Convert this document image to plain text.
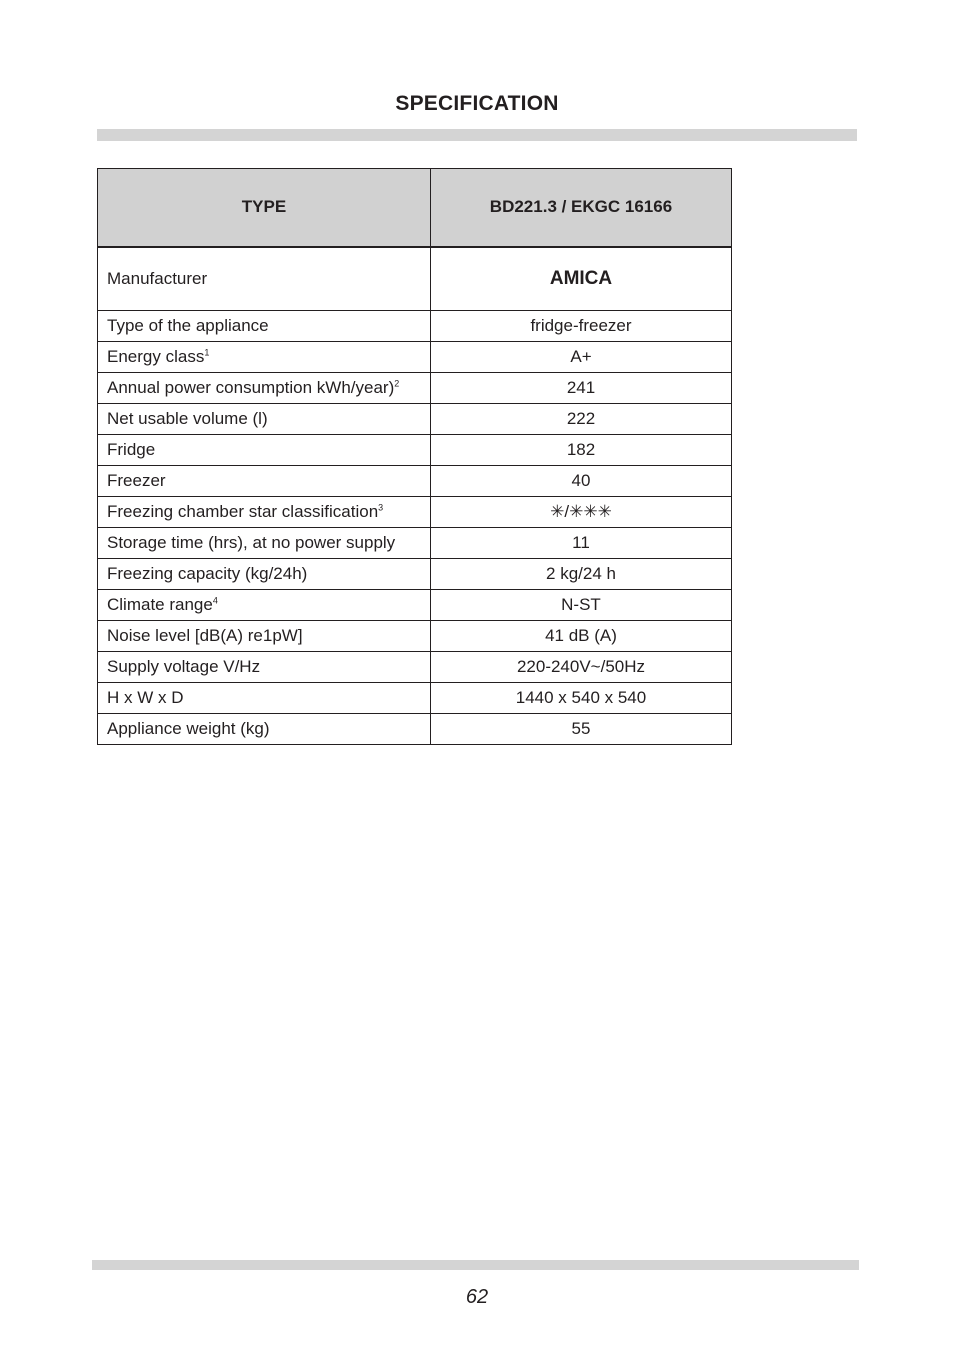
SPECIFICATION
TYPE	BD221.3 / EKGC 16166
Manufacturer	AMICA
Type of the appliance	fridge-freezer
Energy class$^1$	A+
Annual power consumption kWh/year)$^2$	241
Net usable volume (l)	222
Fridge	182
Freezer	40
Freezing chamber star classification$^3$	✳/✳✳✳
Storage time (hrs), at no power supply	11
Freezing capacity (kg/24h)	2 kg/24 h
Climate range$^4$	N-ST
Noise level [dB(A) re1pW]	41 dB (A)
Supply voltage V/Hz	220-240V~/50Hz
H x W x D	1440 x 540 x 540
Appliance weight (kg)	55
62
